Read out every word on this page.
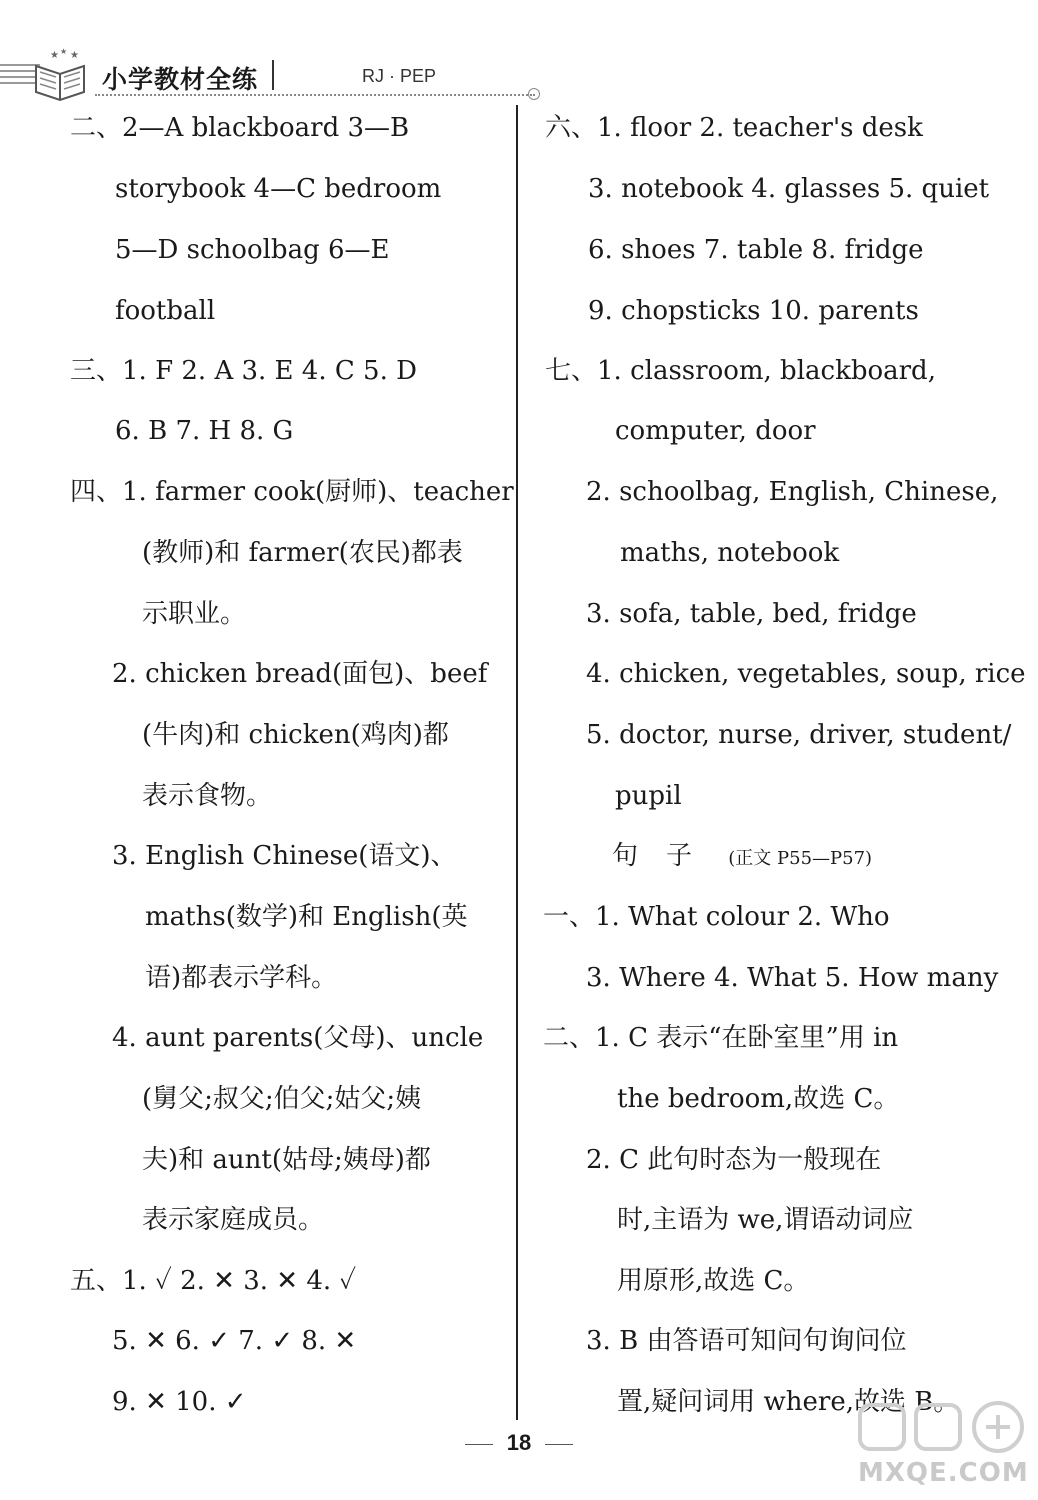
★ ★ ★
小学教材全练	RJ · PEP
二、2—A blackboard 3—B
storybook 4—C bedroom
5—D schoolbag 6—E
football
三、1. F 2. A 3. E 4. C 5. D
6. B 7. H 8. G
四、1. farmer cook(厨师)、teacher
(教师)和 farmer(农民)都表
示职业。
2. chicken bread(面包)、beef
(牛肉)和 chicken(鸡肉)都
表示食物。
3. English Chinese(语文)、
maths(数学)和 English(英
语)都表示学科。
4. aunt parents(父母)、uncle
(舅父;叔父;伯父;姑父;姨
夫)和 aunt(姑母;姨母)都
表示家庭成员。
五、1. ✓ 2. ✕ 3. ✕ 4. ✓
5. ✕ 6. ✓ 7. ✓ 8. ✕
9. ✕ 10. ✓
六、1. floor 2. teacher's desk
3. notebook 4. glasses 5. quiet
6. shoes 7. table 8. fridge
9. chopsticks 10. parents
七、1. classroom, blackboard,
computer, door
2. schoolbag, English, Chinese,
maths, notebook
3. sofa, table, bed, fridge
4. chicken, vegetables, soup, rice
5. doctor, nurse, driver, student/
pupil
句子 (正文 P55—P57)
一、1. What colour 2. Who
3. Where 4. What 5. How many
二、1. C 表示“在卧室里”用 in
the bedroom,故选 C。
2. C 此句时态为一般现在
时,主语为 we,谓语动词应
用原形,故选 C。
3. B 由答语可知问句询问位
置,疑问词用 where,故选 B。
18
MXQE.COM
